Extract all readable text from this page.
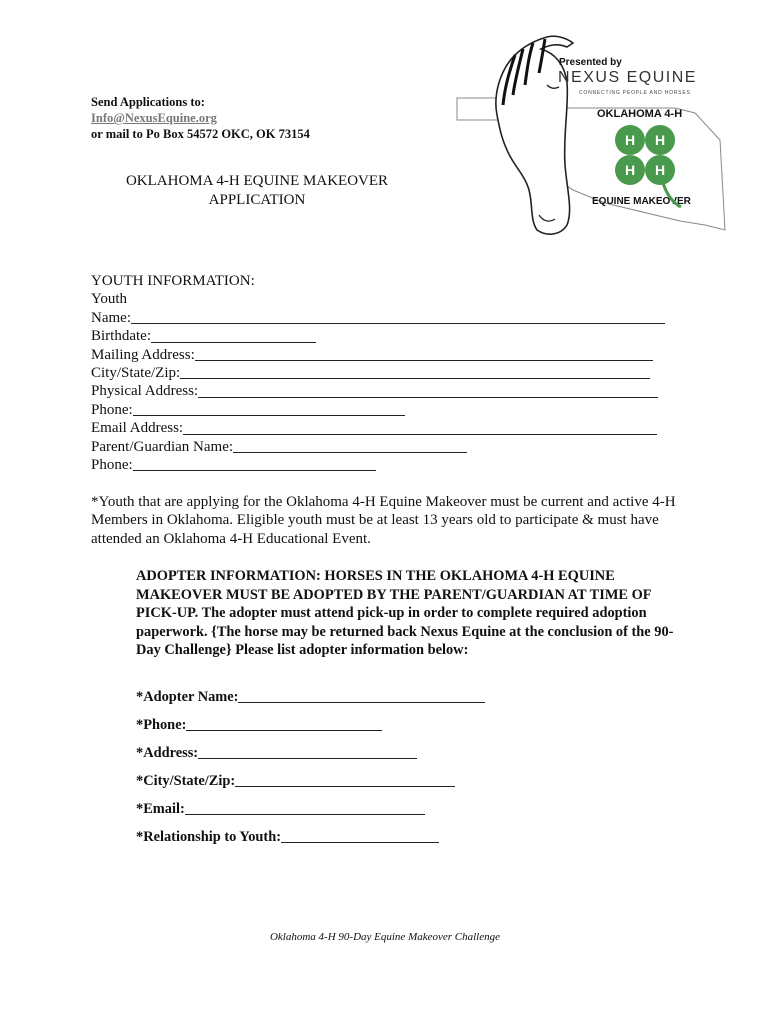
Send Applications to:
Info@NexusEquine.org
or mail to Po Box 54572 OKC, OK 73154
OKLAHOMA 4-H EQUINE MAKEOVER
APPLICATION
Presented by
NEXUS EQUINE
CONNECTING PEOPLE AND HORSES
OKLAHOMA 4-H
EQUINE MAKEOVER
H H
H H
YOUTH INFORMATION:
Youth
Name:
Birthdate:
Mailing Address:
City/State/Zip:
Physical Address:
Phone:
Email Address:
Parent/Guardian Name:
Phone:
*Youth that are applying for the Oklahoma 4-H Equine Makeover must be current and active 4-H Members in Oklahoma. Eligible youth must be at least 13 years old to participate & must have attended an Oklahoma 4-H Educational Event.
ADOPTER INFORMATION: HORSES IN THE OKLAHOMA 4-H EQUINE MAKEOVER MUST BE ADOPTED BY THE PARENT/GUARDIAN AT TIME OF PICK-UP. The adopter must attend pick-up in order to complete required adoption paperwork. {The horse may be returned back Nexus Equine at the conclusion of the 90-Day Challenge} Please list adopter information below:
*Adopter Name:
*Phone:
*Address:
*City/State/Zip:
*Email:
*Relationship to Youth:
Oklahoma 4-H 90-Day Equine Makeover Challenge
